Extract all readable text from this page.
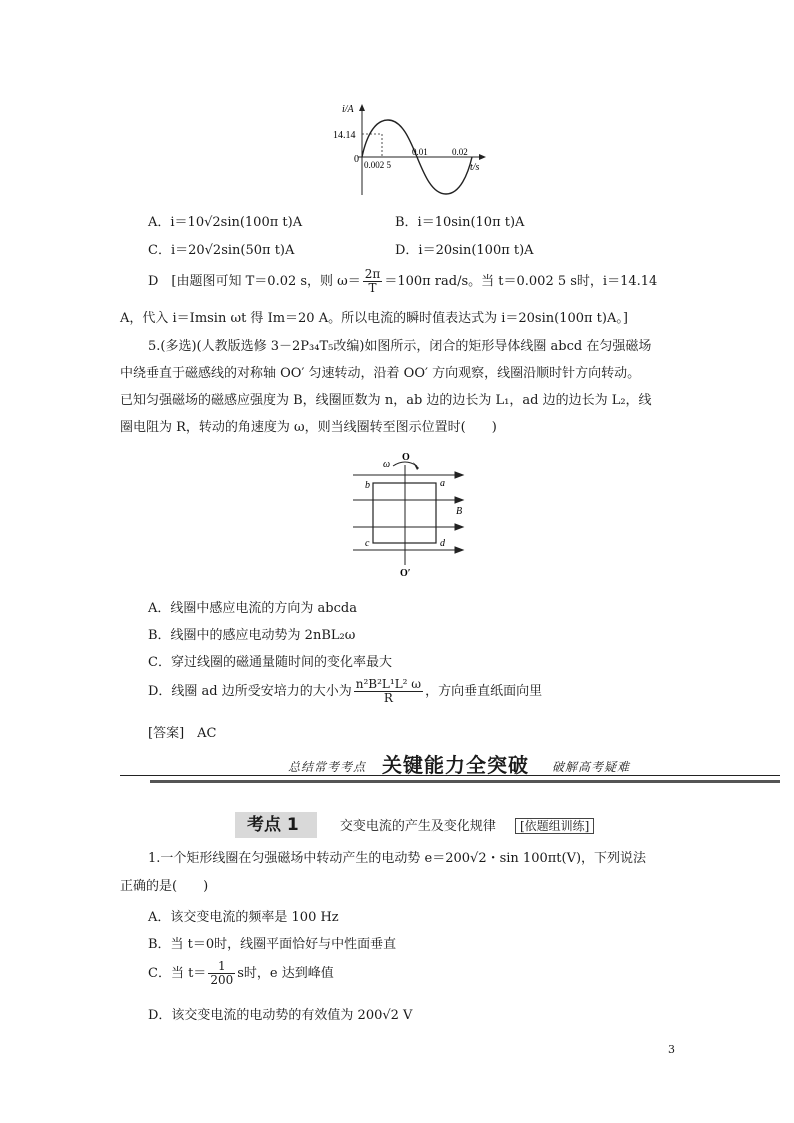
i/A
14.14
0 0.002 5
0.01	0.02
t/s
A．i＝10√2sin(100π t)A	B．i＝10sin(10π t)A
C．i＝20√2sin(50π t)A	D．i＝20sin(100π t)A
D　[由题图可知 T＝0.02 s，则 $\omega= \frac{2\pi}{T} =100\pi$ rad/s。当 t＝0.002 5 s时，i＝14.14
A，代入 i＝Imsin ωt 得 Im＝20 A。所以电流的瞬时值表达式为 i＝20sin(100π t)A。]
5.(多选)(人教版选修 3－2P₃₄T₅改编)如图所示，闭合的矩形导体线圈 abcd 在匀强磁场
中绕垂直于磁感线的对称轴 OO′ 匀速转动，沿着 OO′ 方向观察，线圈沿顺时针方向转动。
已知匀强磁场的磁感应强度为 B，线圈匝数为 n，ab 边的边长为 L₁，ad 边的边长为 L₂，线
圈电阻为 R，转动的角速度为 ω，则当线圈转至图示位置时(　　)
ω
O
O′
b	a
c	d
B
A．线圈中感应电流的方向为 abcda
B．线圈中的感应电动势为 2nBL₂ω
C．穿过线圈的磁通量随时间的变化率最大
D．线圈 ad 边所受安培力的大小为 $\frac{\text{n²B²L¹L² ω}}{R}$ ，方向垂直纸面向里
[答案]　AC
总结常考考点 关键能力全突破 破解高考疑难
考点 1	交变电流的产生及变化规律 [依题组训练]
1.一个矩形线圈在匀强磁场中转动产生的电动势 e＝200√2・sin 100πt(V)，下列说法
正确的是(　　)
A．该交变电流的频率是 100 Hz
B．当 t＝0时，线圈平面恰好与中性面垂直
C．当 $t= \frac{1}{200}$ s时，e 达到峰值
D．该交变电流的电动势的有效值为 200√2 V
3
